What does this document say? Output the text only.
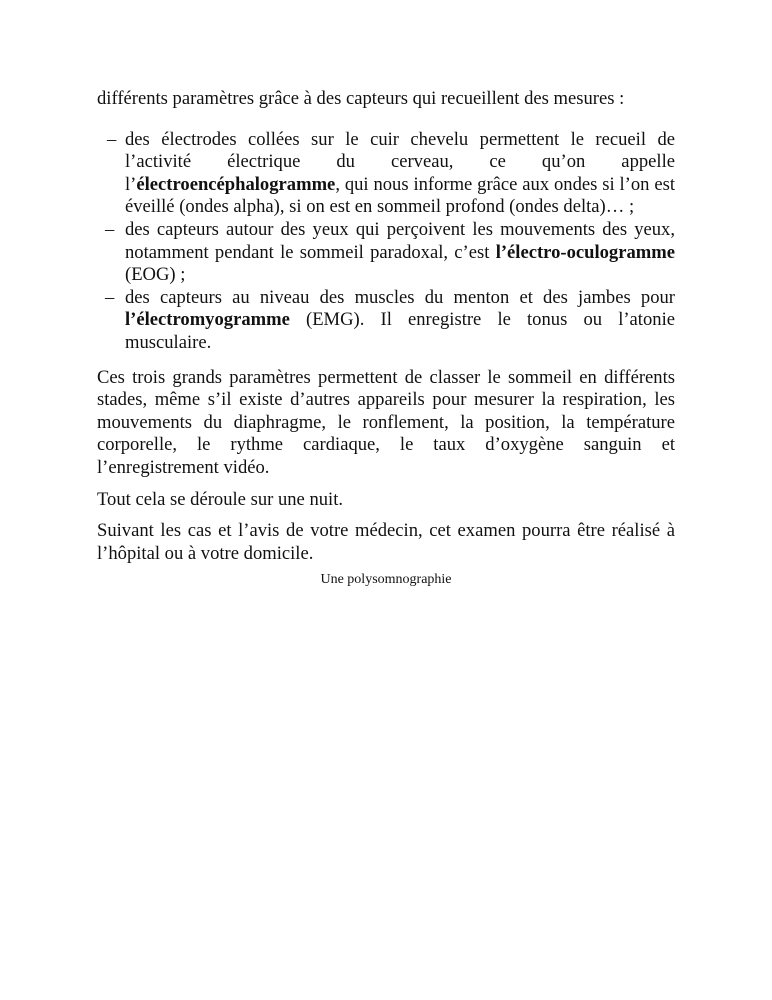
différents paramètres grâce à des capteurs qui recueillent des mesures :

– des électrodes collées sur le cuir chevelu permettent le recueil de l’activité électrique du cerveau, ce qu’on appelle l’électroencéphalogramme, qui nous informe grâce aux ondes si l’on est éveillé (ondes alpha), si on est en sommeil profond (ondes delta)… ;
– des capteurs autour des yeux qui perçoivent les mouvements des yeux, notamment pendant le sommeil paradoxal, c’est l’électro-oculogramme (EOG) ;
– des capteurs au niveau des muscles du menton et des jambes pour l’électromyogramme (EMG). Il enregistre le tonus ou l’atonie musculaire.

Ces trois grands paramètres permettent de classer le sommeil en différents stades, même s’il existe d’autres appareils pour mesurer la respiration, les mouvements du diaphragme, le ronflement, la position, la température corporelle, le rythme cardiaque, le taux d’oxygène sanguin et l’enregistrement vidéo.

Tout cela se déroule sur une nuit.

Suivant les cas et l’avis de votre médecin, cet examen pourra être réalisé à l’hôpital ou à votre domicile.

Une polysomnographie
